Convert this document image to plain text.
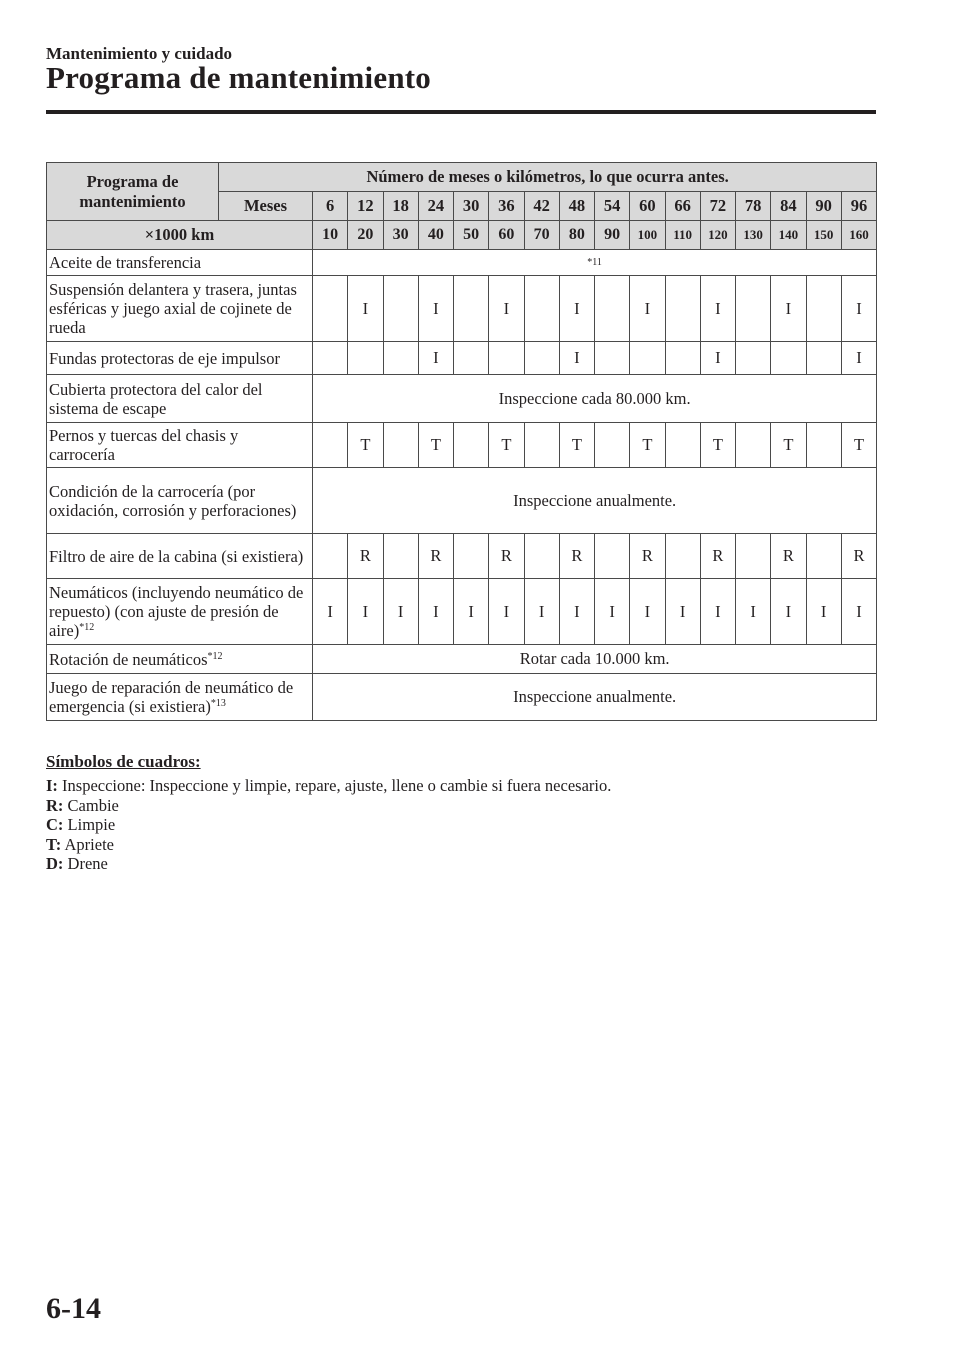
Mantenimiento y cuidado
Programa de mantenimiento
Programa de mantenimiento	Número de meses o kilómetros, lo que ocurra antes.																
	Meses	6	12	18	24	30	36	42	48	54	60	66	72	78	84	90	96
×1000 km		10	20	30	40	50	60	70	80	90	100	110	120	130	140	150	160
Aceite de transferencia		*11															
Suspensión delantera y trasera, juntas esféricas y juego axial de cojinete de rueda			I		I		I		I		I		I		I		I
Fundas protectoras de eje impulsor					I				I				I				I
Cubierta protectora del calor del sistema de escape		Inspeccione cada 80.000 km.															
Pernos y tuercas del chasis y carrocería			T		T		T		T		T		T		T		T
Condición de la carrocería (por oxidación, corrosión y perforaciones)		Inspeccione anualmente.															
Filtro de aire de la cabina (si existiera)			R		R		R		R		R		R		R		R
Neumáticos (incluyendo neumático de repuesto) (con ajuste de presión de aire)$^{*12}$		I	I	I	I	I	I	I	I	I	I	I	I	I	I	I	I
Rotación de neumáticos$^{*12}$		Rotar cada 10.000 km.															
Juego de reparación de neumático de emergencia (si existiera)$^{*13}$		Inspeccione anualmente.															
Símbolos de cuadros:
I: Inspeccione: Inspeccione y limpie, repare, ajuste, llene o cambie si fuera necesario.
R: Cambie
C: Limpie
T: Apriete
D: Drene
6-14
